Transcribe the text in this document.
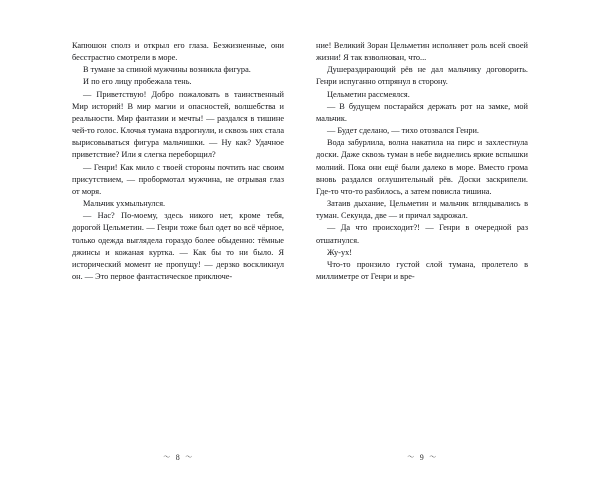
Капюшон сполз и открыл его глаза. Безжизненные, они бесстрастно смотрели в море.

В тумане за спиной мужчины возникла фигура.

И по его лицу пробежала тень.

— Приветствую! Добро пожаловать в таинственный Мир историй! В мир магии и опасностей, волшебства и реальности. Мир фантазии и мечты! — раздался в тишине чей-то голос. Клочья тумана вздрогнули, и сквозь них стала вырисовываться фигура мальчишки. — Ну как? Удачное приветствие? Или я слегка переборщил?

— Генри! Как мило с твоей стороны почтить нас своим присутствием, — пробормотал мужчина, не отрывая глаз от моря.

Мальчик ухмыльнулся.

— Нас? По-моему, здесь никого нет, кроме тебя, дорогой Цельметин. — Генри тоже был одет во всё чёрное, только одежда выглядела гораздо более обыденно: тёмные джинсы и кожаная куртка. — Как бы то ни было. Я исторический момент не пропущу! — дерзко воскликнул он. — Это первое фантастическое приключе-

〜 8 〜

ние! Великий Зоран Цельметин исполняет роль всей своей жизни! Я так взволнован, что...

Душераздирающий рёв не дал мальчику договорить. Генри испуганно отпрянул в сторону.

Цельметин рассмеялся.

— В будущем постарайся держать рот на замке, мой мальчик.

— Будет сделано, — тихо отозвался Генри.

Вода забурлила, волна накатила на пирс и захлестнула доски. Даже сквозь туман в небе виднелись яркие вспышки молний. Пока они ещё были далеко в море. Вместо грома вновь раздался оглушительный рёв. Доски заскрипели. Где-то что-то разбилось, а затем повисла тишина.

Затаив дыхание, Цельметин и мальчик вглядывались в туман. Секунда, две — и причал задрожал.

— Да что происходит?! — Генри в очередной раз отшатнулся.

Жу-ух!

Что-то пронзило густой слой тумана, пролетело в миллиметре от Генри и вре-

〜 9 〜
